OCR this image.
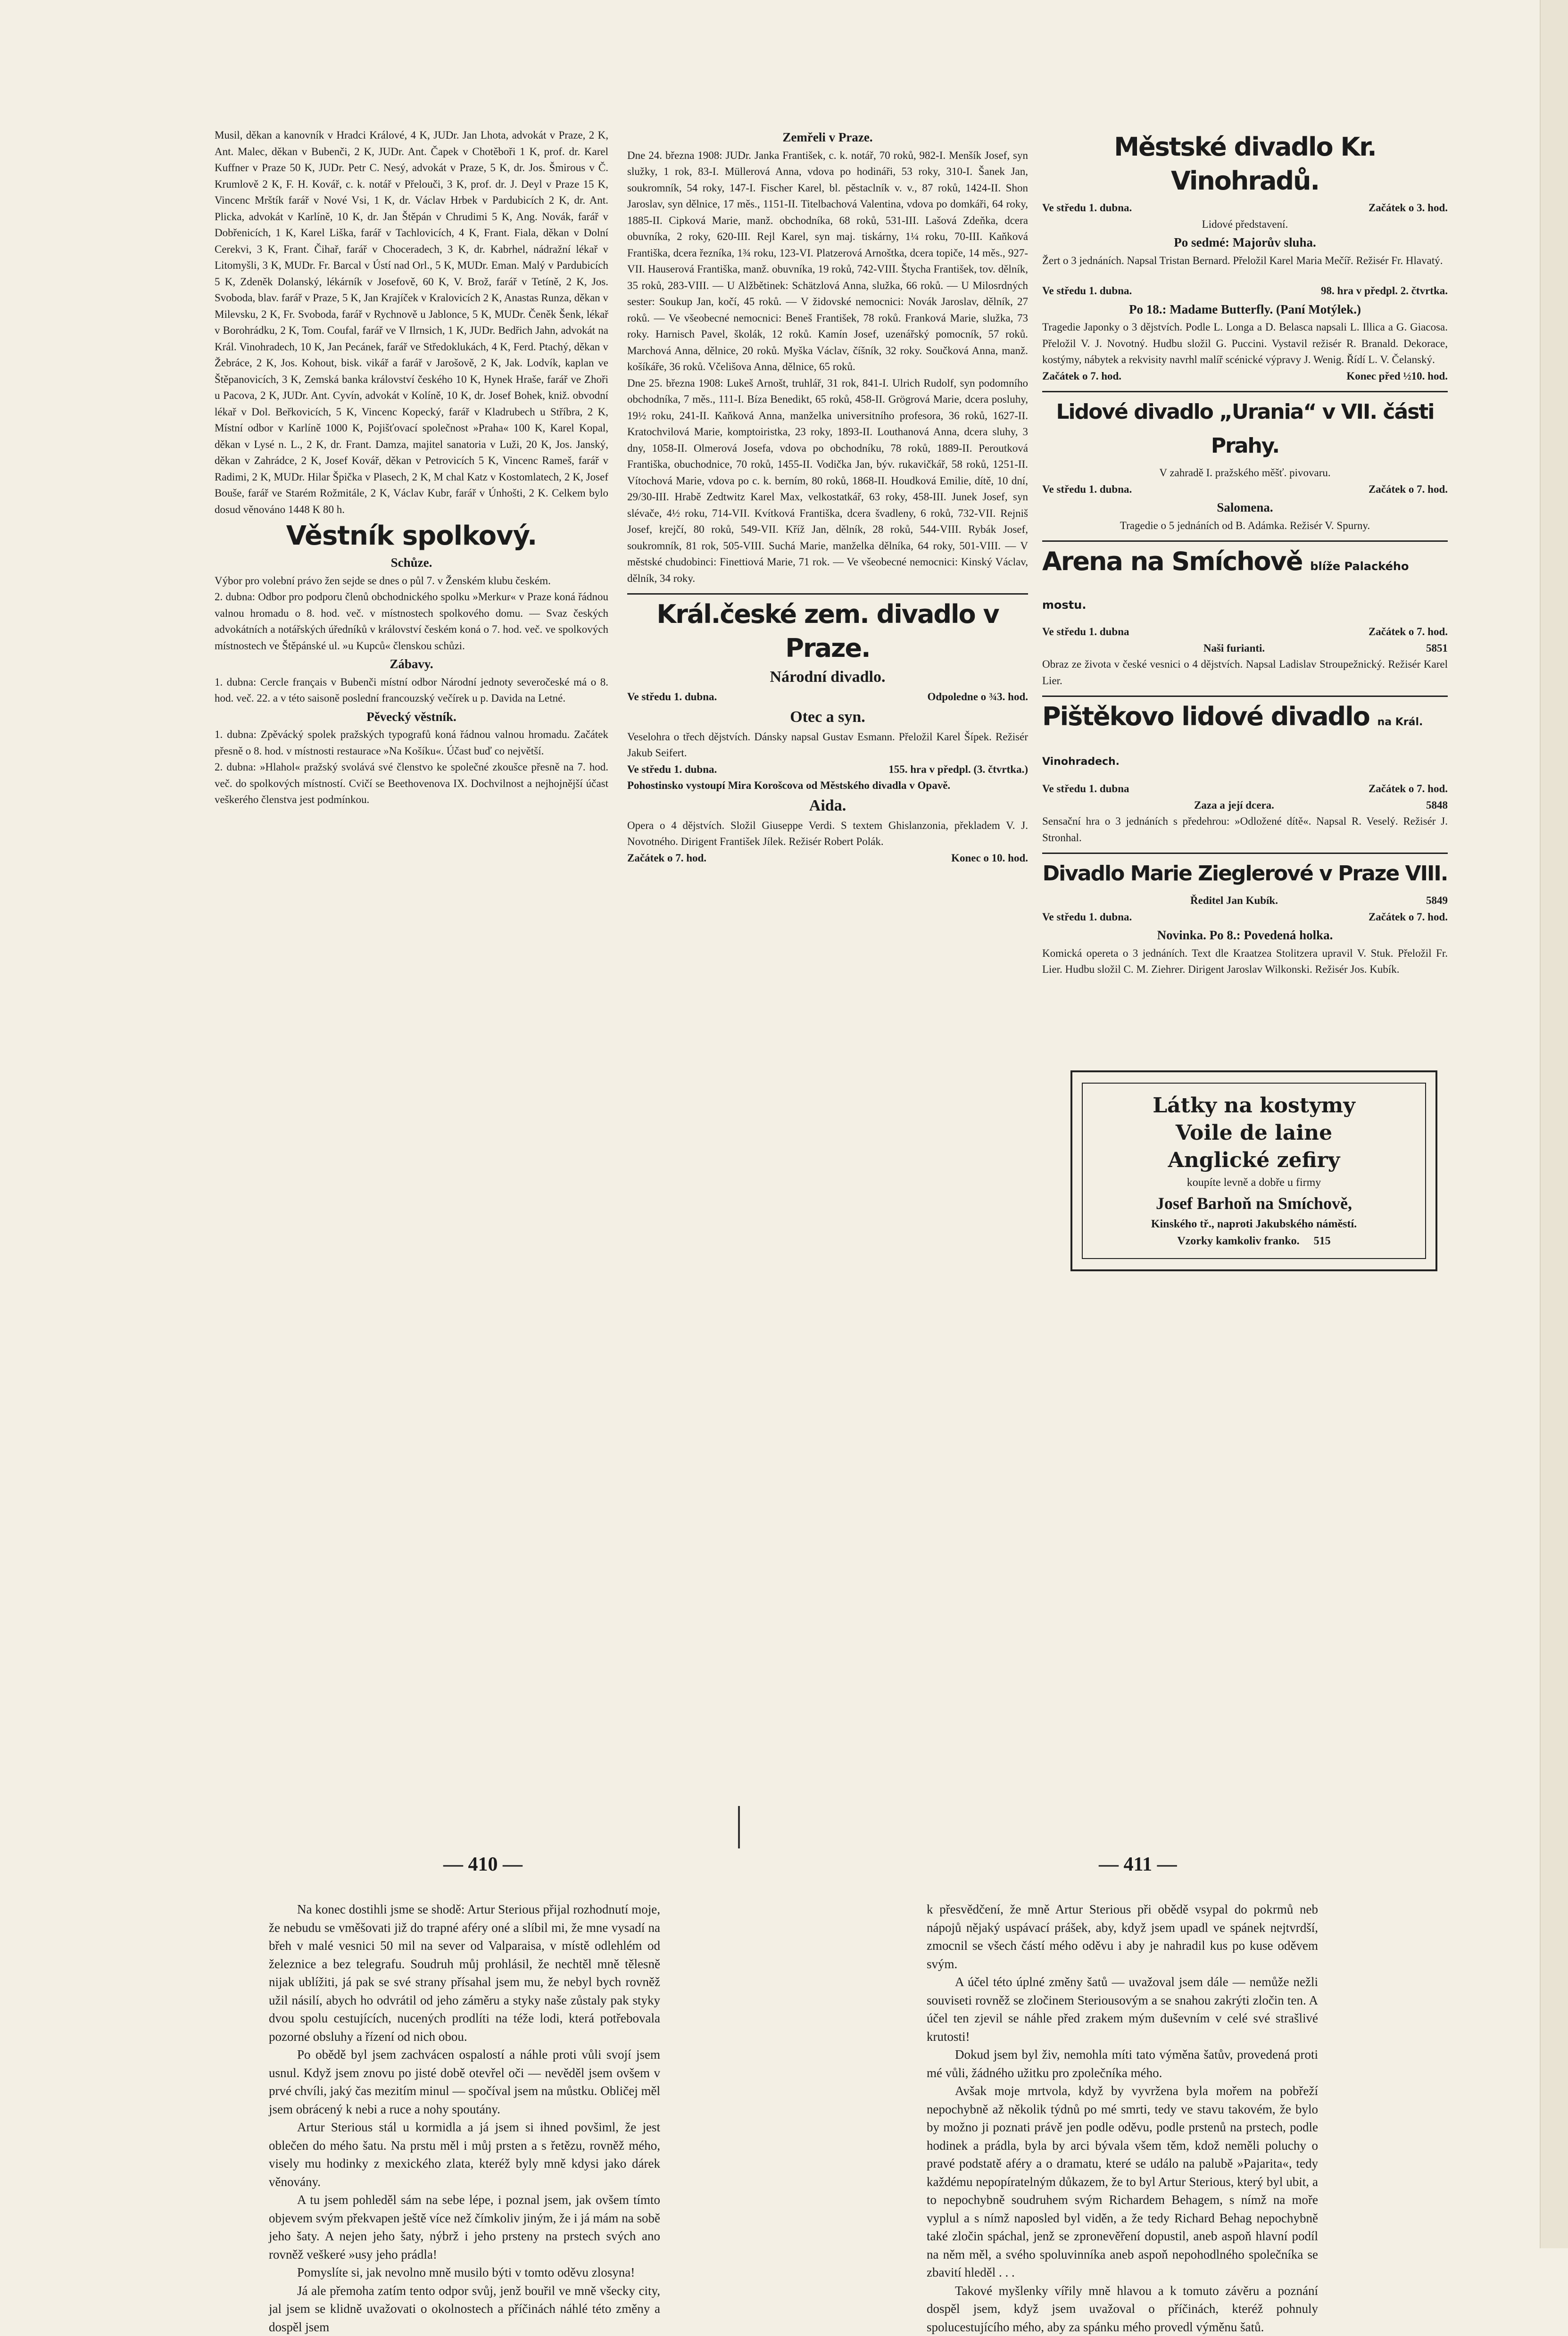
Musil, děkan a kanovník v Hradci Králové, 4 K, JUDr. Jan Lhota, advokát v Praze, 2 K, Ant. Malec, děkan v Bubenči, 2 K, JUDr. Ant. Čapek v Chotěboři 1 K, prof. dr. Karel Kuffner v Praze 50 K, JUDr. Petr C. Nesý, advokát v Praze, 5 K, dr. Jos. Šmirous v Č. Krumlově 2 K, F. H. Kovář, c. k. notář v Přelouči, 3 K, prof. dr. J. Deyl v Praze 15 K, Vincenc Mrštík farář v Nové Vsi, 1 K, dr. Václav Hrbek v Pardubicích 2 K, dr. Ant. Plicka, advokát v Karlíně, 10 K, dr. Jan Štěpán v Chrudimi 5 K, Ang. Novák, farář v Dobřenicích, 1 K, Karel Liška, farář v Tachlovicích, 4 K, Frant. Fiala, děkan v Dolní Cerekvi, 3 K, Frant. Čihař, farář v Choceradech, 3 K, dr. Kabrhel, nádražní lékař v Litomyšli, 3 K, MUDr. Fr. Barcal v Ústí nad Orl., 5 K, MUDr. Eman. Malý v Pardubicích 5 K, Zdeněk Dolanský, lékárník v Josefově, 60 K, V. Brož, farář v Tetíně, 2 K, Jos. Svoboda, blav. farář v Praze, 5 K, Jan Krajíček v Kralovicích 2 K, Anastas Runza, děkan v Milevsku, 2 K, Fr. Svoboda, farář v Rychnově u Jablonce, 5 K, MUDr. Čeněk Šenk, lékař v Borohrádku, 2 K, Tom. Coufal, farář ve V Ilrnsich, 1 K, JUDr. Bedřich Jahn, advokát na Král. Vinohradech, 10 K, Jan Pecánek, farář ve Středoklukách, 4 K, Ferd. Ptachý, děkan v Žebráce, 2 K, Jos. Kohout, bisk. vikář a farář v Jarošově, 2 K, Jak. Lodvík, kaplan ve Štěpanovicích, 3 K, Zemská banka království českého 10 K, Hynek Hraše, farář ve Zhoři u Pacova, 2 K, JUDr. Ant. Cyvín, advokát v Kolíně, 10 K, dr. Josef Bohek, kniž. obvodní lékař v Dol. Beřkovicích, 5 K, Vincenc Kopecký, farář v Kladrubech u Stříbra, 2 K, Místní odbor v Karlíně 1000 K, Pojišťovací společnost »Praha« 100 K, Karel Kopal, děkan v Lysé n. L., 2 K, dr. Frant. Damza, majitel sanatoria v Luži, 20 K, Jos. Janský, děkan v Zahrádce, 2 K, Josef Kovář, děkan v Petrovicích 5 K, Vincenc Rameš, farář v Radimi, 2 K, MUDr. Hilar Špička v Plasech, 2 K, M chal Katz v Kostomlatech, 2 K, Josef Bouše, farář ve Starém Rožmitále, 2 K, Václav Kubr, farář v Únhošti, 2 K. Celkem bylo dosud věnováno 1448 K 80 h.

Věstník spolkový.
Schůze.

Výbor pro volební právo žen sejde se dnes o půl 7. v Ženském klubu českém.

2. dubna: Odbor pro podporu členů obchodnického spolku »Merkur« v Praze koná řádnou valnou hromadu o 8. hod. več. v místnostech spolkového domu. — Svaz českých advokátních a notářských úředníků v království českém koná o 7. hod. več. ve spolkových místnostech ve Štěpánské ul. »u Kupců« členskou schůzi.

Zábavy.

1. dubna: Cercle français v Bubenči místní odbor Národní jednoty severočeské má o 8. hod. več. 22. a v této saisoně poslední francouzský večírek u p. Davida na Letné.

Pěvecký věstník.

1. dubna: Zpěvácký spolek pražských typografů koná řádnou valnou hromadu. Začátek přesně o 8. hod. v místnosti restaurace »Na Košíku«. Účast buď co největší.

2. dubna: »Hlahol« pražský svolává své členstvo ke společné zkoušce přesně na 7. hod. več. do spolkových místností. Cvičí se Beethovenova IX. Dochvilnost a nejhojnější účast veškerého členstva jest podmínkou.

Zemřeli v Praze.

Dne 24. března 1908: JUDr. Janka František, c. k. notář, 70 roků, 982-I. Menšík Josef, syn služky, 1 rok, 83-I. Müllerová Anna, vdova po hodináři, 53 roky, 310-I. Šanek Jan, soukromník, 54 roky, 147-I. Fischer Karel, bl. pěstaclník v. v., 87 roků, 1424-II. Shon Jaroslav, syn dělnice, 17 měs., 1151-II. Titelbachová Valentina, vdova po domkáři, 64 roky, 1885-II. Cipková Marie, manž. obchodníka, 68 roků, 531-III. Lašová Zdeňka, dcera obuvníka, 2 roky, 620-III. Rejl Karel, syn maj. tiskárny, 1¼ roku, 70-III. Kaňková Františka, dcera řezníka, 1¾ roku, 123-VI. Platzerová Arnoštka, dcera topiče, 14 měs., 927-VII. Hauserová Františka, manž. obuvníka, 19 roků, 742-VIII. Štycha František, tov. dělník, 35 roků, 283-VIII. — U Alžbětinek: Schätzlová Anna, služka, 66 roků. — U Milosrdných sester: Soukup Jan, kočí, 45 roků. — V židovské nemocnici: Novák Jaroslav, dělník, 27 roků. — Ve všeobecné nemocnici: Beneš František, 78 roků. Franková Marie, služka, 73 roky. Harnisch Pavel, školák, 12 roků. Kamín Josef, uzenářský pomocník, 57 roků. Marchová Anna, dělnice, 20 roků. Myška Václav, číšník, 32 roky. Součková Anna, manž. košíkáře, 36 roků. Včelišova Anna, dělnice, 65 roků.

Dne 25. března 1908: Lukeš Arnošt, truhlář, 31 rok, 841-I. Ulrich Rudolf, syn podomního obchodníka, 7 měs., 111-I. Bíza Benedikt, 65 roků, 458-II. Grögrová Marie, dcera posluhy, 19½ roku, 241-II. Kaňková Anna, manželka universitního profesora, 36 roků, 1627-II. Kratochvilová Marie, komptoiristka, 23 roky, 1893-II. Louthanová Anna, dcera sluhy, 3 dny, 1058-II. Olmerová Josefa, vdova po obchodníku, 78 roků, 1889-II. Peroutková Františka, obuchodnice, 70 roků, 1455-II. Vodička Jan, býv. rukavičkář, 58 roků, 1251-II. Vítochová Marie, vdova po c. k. berním, 80 roků, 1868-II. Houdková Emilie, dítě, 10 dní, 29/30-III. Hrabě Zedtwitz Karel Max, velkostatkář, 63 roky, 458-III. Junek Josef, syn slévače, 4½ roku, 714-VII. Kvítková Františka, dcera švadleny, 6 roků, 732-VII. Rejniš Josef, krejčí, 80 roků, 549-VII. Kříž Jan, dělník, 28 roků, 544-VIII. Rybák Josef, soukromník, 81 rok, 505-VIII. Suchá Marie, manželka dělníka, 64 roky, 501-VIII. — V městské chudobinci: Finettiová Marie, 71 rok. — Ve všeobecné nemocnici: Kinský Václav, dělník, 34 roky.

Král.české zem. divadlo v Praze.
Národní divadlo.
Ve středu 1. dubna.	Odpoledne o ¾3. hod.
Otec a syn.

Veselohra o třech dějstvích. Dánsky napsal Gustav Esmann. Přeložil Karel Šípek. Režisér Jakub Seifert.

Ve středu 1. dubna.	155. hra v předpl. (3. čtvrtka.)

Pohostinsko vystoupí Mira Korošcova od Městského divadla v Opavě.

Aida.

Opera o 4 dějstvích. Složil Giuseppe Verdi. S textem Ghislanzonia, překladem V. J. Novotného. Dirigent František Jílek. Režisér Robert Polák.

Začátek o 7. hod.	Konec o 10. hod.
Městské divadlo Kr. Vinohradů.
Ve středu 1. dubna.	Začátek o 3. hod.
Lidové představení.
Po sedmé: Majorův sluha.

Žert o 3 jednáních. Napsal Tristan Bernard. Přeložil Karel Maria Mečíř. Režisér Fr. Hlavatý.

Ve středu 1. dubna.	98. hra v předpl. 2. čtvrtka.
Po 18.: Madame Butterfly. (Paní Motýlek.)

Tragedie Japonky o 3 dějstvích. Podle L. Longa a D. Belasca napsali L. Illica a G. Giacosa. Přeložil V. J. Novotný. Hudbu složil G. Puccini. Vystavil režisér R. Branald. Dekorace, kostýmy, nábytek a rekvisity navrhl malíř scénické výpravy J. Wenig. Řídí L. V. Čelanský.

Začátek o 7. hod.	Konec před ½10. hod.
Lidové divadlo „Urania“ v VII. části Prahy.
V zahradě I. pražského měšť. pivovaru.
Ve středu 1. dubna.	Začátek o 7. hod.
Salomena.

Tragedie o 5 jednáních od B. Adámka. Režisér V. Spurny.

Arena na Smíchově blíže Palackého mostu.
Ve středu 1. dubna	Začátek o 7. hod.
Naši furianti.	5851

Obraz ze života v české vesnici o 4 dějstvích. Napsal Ladislav Stroupežnický. Režisér Karel Lier.

Pištěkovo lidové divadlo na Král. Vinohradech.
Ve středu 1. dubna	Začátek o 7. hod.
Zaza a její dcera.	5848

Sensační hra o 3 jednáních s předehrou: »Odložené dítě«. Napsal R. Veselý. Režisér J. Stronhal.

Divadlo Marie Zieglerové v Praze VIII.
Ředitel Jan Kubík.	5849
Ve středu 1. dubna.	Začátek o 7. hod.
Novinka. Po 8.: Povedená holka.

Komická opereta o 3 jednáních. Text dle Kraatzea Stolitzera upravil V. Stuk. Přeložil Fr. Lier. Hudbu složil C. M. Ziehrer. Dirigent Jaroslav Wilkonski. Režisér Jos. Kubík.

Látky na kostymy
Voile de laine
Anglické zefiry
koupíte levně a dobře u firmy
Josef Barhoň na Smíchově,
Kinského tř., naproti Jakubského náměstí.
Vzorky kamkoliv franko. 515
— 410 —	— 411 —

Na konec dostihli jsme se shodě: Artur Sterious přijal rozhodnutí moje, že nebudu se vměšovati již do trapné aféry oné a slíbil mi, že mne vysadí na břeh v malé vesnici 50 mil na sever od Valparaisa, v místě odlehlém od železnice a bez telegrafu. Soudruh můj prohlásil, že nechtěl mně tělesně nijak ublížiti, já pak se své strany přísahal jsem mu, že nebyl bych rovněž užil násilí, abych ho odvrátil od jeho záměru a styky naše zůstaly pak styky dvou spolu cestujících, nucených prodlíti na téže lodi, která potřebovala pozorné obsluhy a řízení od nich obou.

Po obědě byl jsem zachvácen ospalostí a náhle proti vůli svojí jsem usnul. Když jsem znovu po jisté době otevřel oči — nevěděl jsem ovšem v prvé chvíli, jaký čas mezitím minul — spočíval jsem na můstku. Obličej měl jsem obrácený k nebi a ruce a nohy spoutány.

Artur Sterious stál u kormidla a já jsem si ihned povšiml, že jest oblečen do mého šatu. Na prstu měl i můj prsten a s řetězu, rovněž mého, visely mu hodinky z mexického zlata, kteréž byly mně kdysi jako dárek věnovány.

A tu jsem pohleděl sám na sebe lépe, i poznal jsem, jak ovšem tímto objevem svým překvapen ještě více než čímkoliv jiným, že i já mám na sobě jeho šaty. A nejen jeho šaty, nýbrž i jeho prsteny na prstech svých ano rovněž veškeré »usy jeho prádla!

Pomyslíte si, jak nevolno mně musilo býti v tomto oděvu zlosyna!

Já ale přemoha zatím tento odpor svůj, jenž bouřil ve mně všecky city, jal jsem se klidně uvažovati o okolnostech a příčinách náhlé této změny a dospěl jsem

k přesvědčení, že mně Artur Sterious při obědě vsypal do pokrmů neb nápojů nějaký uspávací prášek, aby, když jsem upadl ve spánek nejtvrdší, zmocnil se všech částí mého oděvu i aby je nahradil kus po kuse oděvem svým.

A účel této úplné změny šatů — uvažoval jsem dále — nemůže nežli souviseti rovněž se zločinem Steriousovým a se snahou zakrýti zločin ten. A účel ten zjevil se náhle před zrakem mým duševním v celé své strašlivé krutosti!

Dokud jsem byl živ, nemohla míti tato výměna šatův, provedená proti mé vůli, žádného užitku pro zpolečníka mého.

Avšak moje mrtvola, když by vyvržena byla mořem na pobřeží nepochybně až několik týdnů po mé smrti, tedy ve stavu takovém, že bylo by možno ji poznati právě jen podle oděvu, podle prstenů na prstech, podle hodinek a prádla, byla by arci bývala všem těm, kdož neměli poluchy o pravé podstatě aféry a o dramatu, které se událo na palubě »Pajarita«, tedy každému nepopíratelným důkazem, že to byl Artur Sterious, který byl ubit, a to nepochybně soudruhem svým Richardem Behagem, s nímž na moře vyplul a s nímž naposled byl viděn, a že tedy Richard Behag nepochybně také zločin spáchal, jenž se zpronevěření dopustil, aneb aspoň hlavní podíl na něm měl, a svého spoluvinníka aneb aspoň nepohodlného společníka se zbavití hleděl . . .

Takové myšlenky vířily mně hlavou a k tomuto závěru a poznání dospěl jsem, když jsem uvažoval o příčinách, kteréž pohnuly spolucestujícího mého, aby za spánku mého provedl výměnu šatů.
